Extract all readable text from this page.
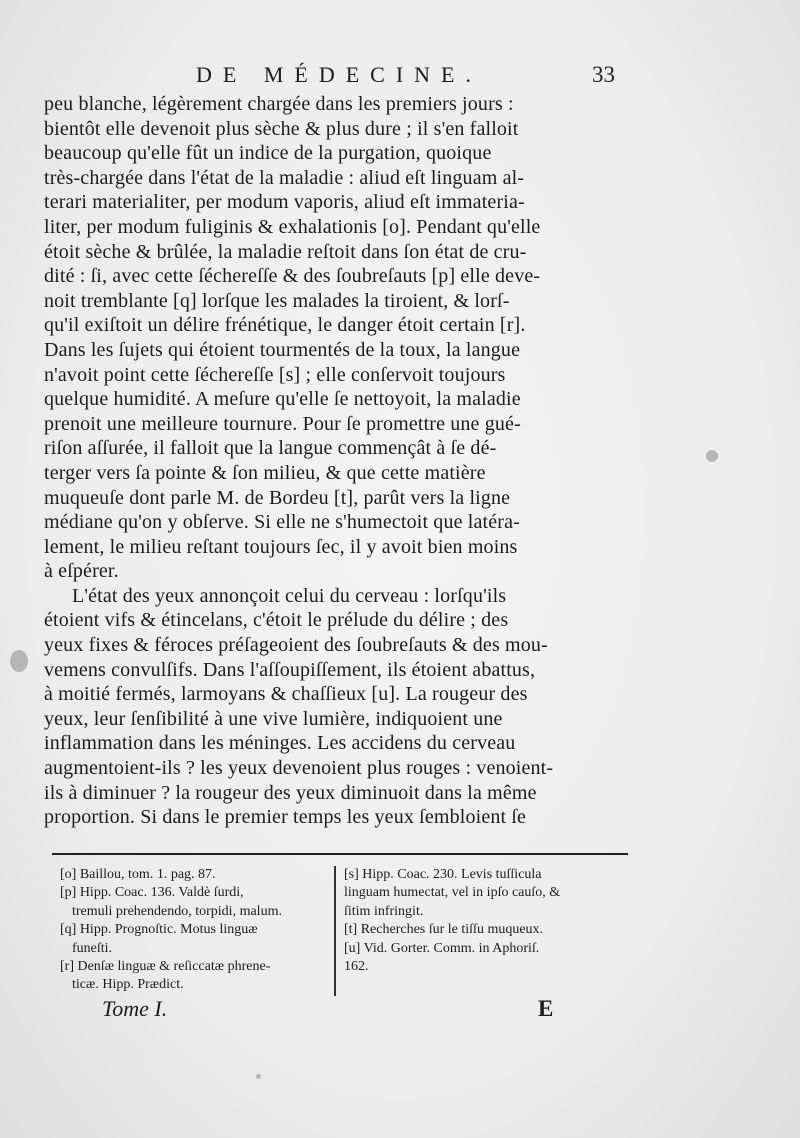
DE MÉDECINE.	33
peu blanche, légèrement chargée dans les premiers jours :
bientôt elle devenoit plus sèche & plus dure ; il s'en falloit
beaucoup qu'elle fût un indice de la purgation, quoique
très-chargée dans l'état de la maladie : aliud eſt linguam al-
terari materialiter, per modum vaporis, aliud eſt immateria-
liter, per modum fuliginis & exhalationis [o]. Pendant qu'elle
étoit sèche & brûlée, la maladie reſtoit dans ſon état de cru-
dité : ſi, avec cette ſéchereſſe & des ſoubreſauts [p] elle deve-
noit tremblante [q] lorſque les malades la tiroient, & lorſ-
qu'il exiſtoit un délire frénétique, le danger étoit certain [r].
Dans les ſujets qui étoient tourmentés de la toux, la langue
n'avoit point cette ſéchereſſe [s] ; elle conſervoit toujours
quelque humidité. A meſure qu'elle ſe nettoyoit, la maladie
prenoit une meilleure tournure. Pour ſe promettre une gué-
riſon aſſurée, il falloit que la langue commençât à ſe dé-
terger vers ſa pointe & ſon milieu, & que cette matière
muqueuſe dont parle M. de Bordeu [t], parût vers la ligne
médiane qu'on y obſerve. Si elle ne s'humectoit que latéra-
lement, le milieu reſtant toujours ſec, il y avoit bien moins
à eſpérer.
L'état des yeux annonçoit celui du cerveau : lorſqu'ils
étoient vifs & étincelans, c'étoit le prélude du délire ; des
yeux fixes & féroces préſageoient des ſoubreſauts & des mou-
vemens convulſifs. Dans l'aſſoupiſſement, ils étoient abattus,
à moitié fermés, larmoyans & chaſſieux [u]. La rougeur des
yeux, leur ſenſibilité à une vive lumière, indiquoient une
inflammation dans les méninges. Les accidens du cerveau
augmentoient-ils ? les yeux devenoient plus rouges : venoient-
ils à diminuer ? la rougeur des yeux diminuoit dans la même
proportion. Si dans le premier temps les yeux ſembloient ſe
[o] Baillou, tom. 1. pag. 87.
[p] Hipp. Coac. 136. Valdè ſurdi,
tremuli prehendendo, torpidi, malum.
[q] Hipp. Prognoſtic. Motus linguæ
funeſti.
[r] Denſæ linguæ & reſiccatæ phrene-
ticæ. Hipp. Prædict.
[s] Hipp. Coac. 230. Levis tuſſicula
linguam humectat, vel in ipſo cauſo, &
ſitim infringit.
[t] Recherches ſur le tiſſu muqueux.
[u] Vid. Gorter. Comm. in Aphoriſ.
162.
Tome I.	E
